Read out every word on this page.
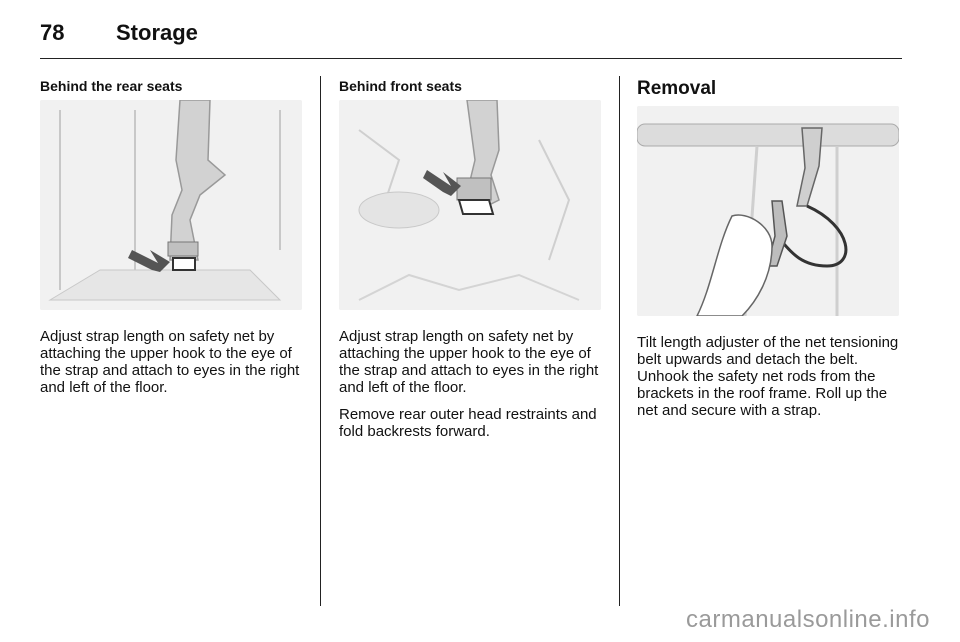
78 Storage
Behind the rear seats

Adjust strap length on safety net by attaching the upper hook to the eye of the strap and attach to eyes in the right and left of the floor.

Behind front seats

Adjust strap length on safety net by attaching the upper hook to the eye of the strap and attach to eyes in the right and left of the floor.

Remove rear outer head restraints and fold backrests forward.

Removal

Tilt length adjuster of the net tensioning belt upwards and detach the belt. Unhook the safety net rods from the brackets in the roof frame. Roll up the net and secure with a strap.

carmanualsonline.info
